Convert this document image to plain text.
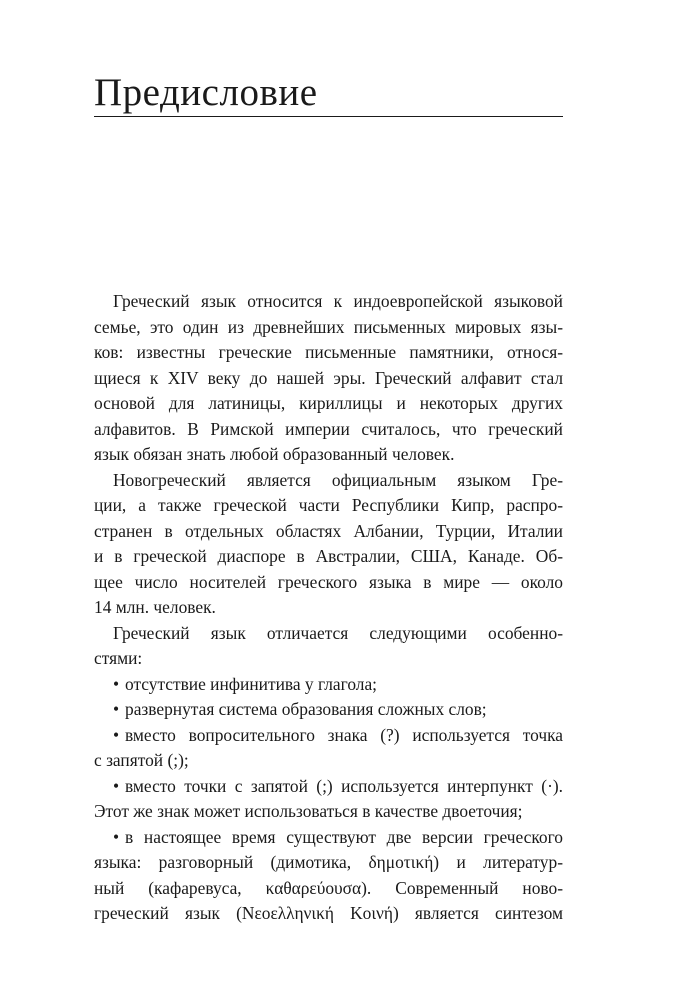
Предисловие
Греческий язык относится к индоевропейской языковой
семье, это один из древнейших письменных мировых язы-
ков: известны греческие письменные памятники, относя-
щиеся к XIV веку до нашей эры. Греческий алфавит стал
основой для латиницы, кириллицы и некоторых других
алфавитов. В Римской империи считалось, что греческий
язык обязан знать любой образованный человек.
Новогреческий является официальным языком Гре-
ции, а также греческой части Республики Кипр, распро-
странен в отдельных областях Албании, Турции, Италии
и в греческой диаспоре в Австралии, США, Канаде. Об-
щее число носителей греческого языка в мире — около
14 млн. человек.
Греческий язык отличается следующими особеннo-
стями:
• отсутствие инфинитива у глагола;
• развернутая система образования сложных слов;
• вместо вопросительного знака (?) используется точка
с запятой (;);
• вместо точки с запятой (;) используется интерпункт (·).
Этот же знак может использоваться в качестве двоеточия;
• в настоящее время существуют две версии греческого
языка: разговорный (димотика, δημοτική) и литератур-
ный (кафаревуса, καθαρεύουσα). Современный ново-
греческий язык (Νεοελληνική Κοινή) является синтезом
